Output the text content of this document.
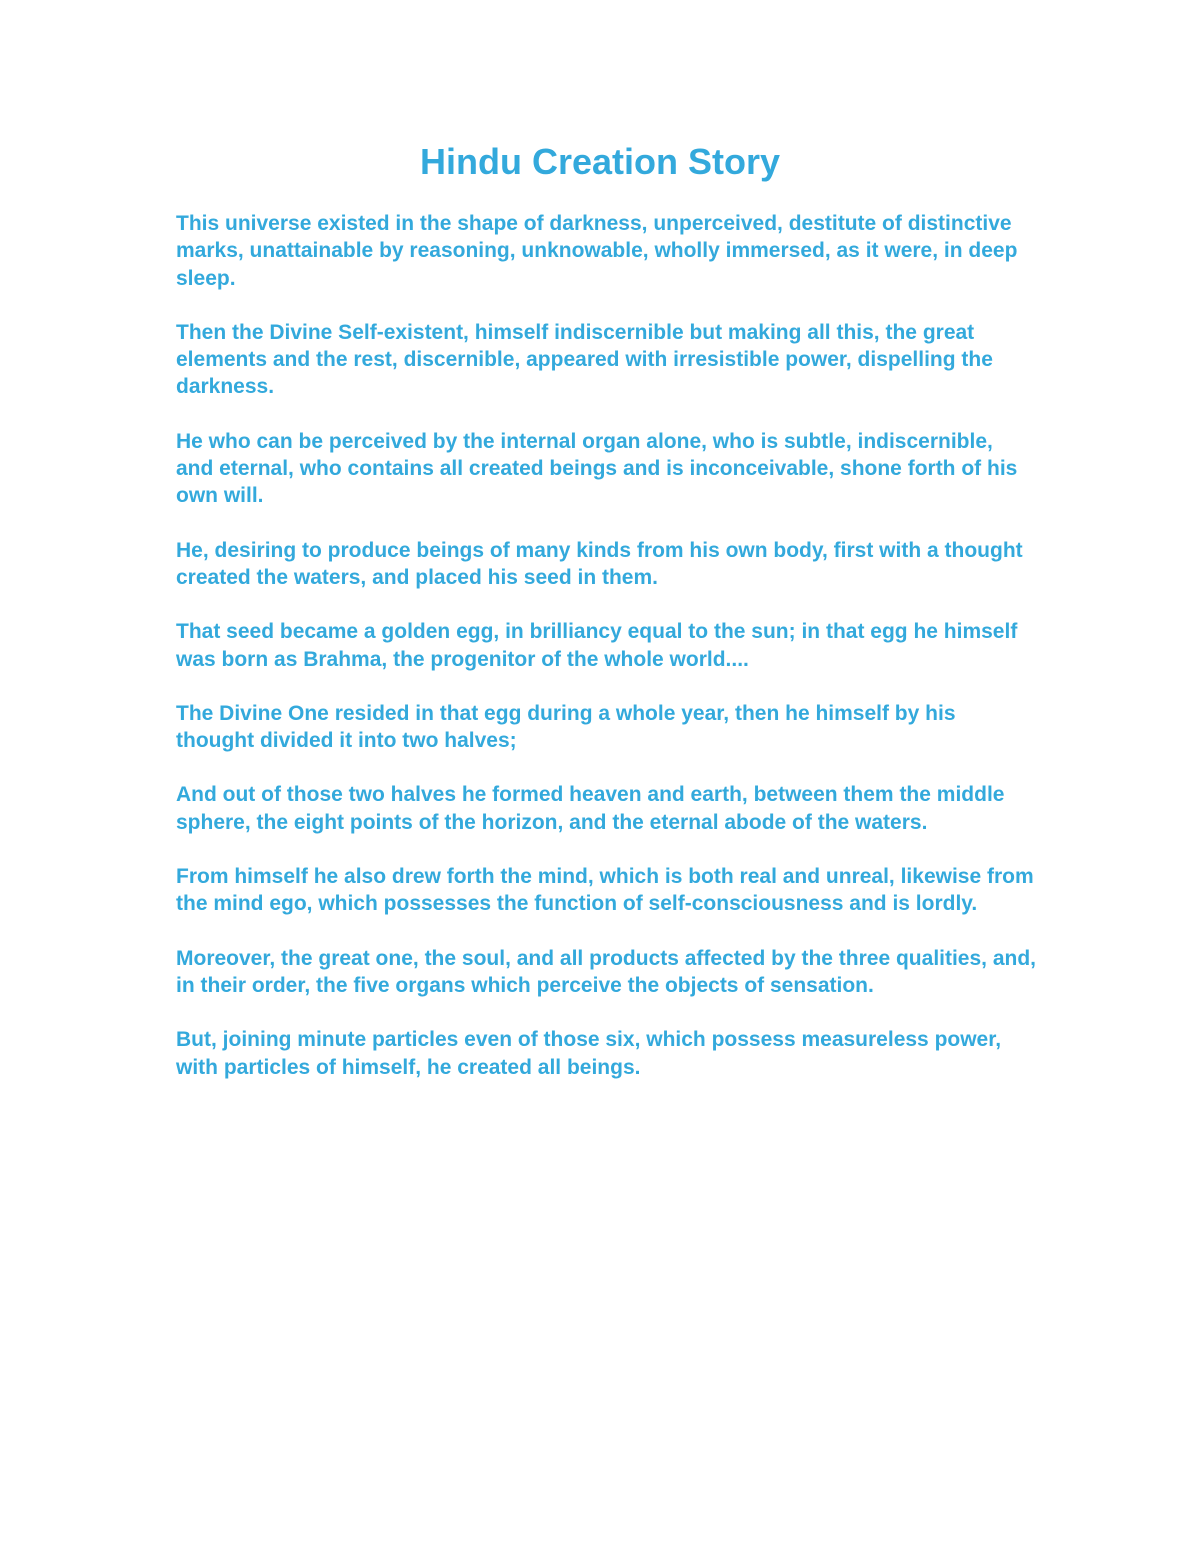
Hindu Creation Story

This universe existed in the shape of darkness, unperceived, destitute of distinctive marks, unattainable by reasoning, unknowable, wholly immersed, as it were, in deep sleep.

Then the Divine Self-existent, himself indiscernible but making all this, the great elements and the rest, discernible, appeared with irresistible power, dispelling the darkness.

He who can be perceived by the internal organ alone, who is subtle, indiscernible, and eternal, who contains all created beings and is inconceivable, shone forth of his own will.

He, desiring to produce beings of many kinds from his own body, first with a thought created the waters, and placed his seed in them.

That seed became a golden egg, in brilliancy equal to the sun; in that egg he himself was born as Brahma, the progenitor of the whole world....

The Divine One resided in that egg during a whole year, then he himself by his thought divided it into two halves;

And out of those two halves he formed heaven and earth, between them the middle sphere, the eight points of the horizon, and the eternal abode of the waters.

From himself he also drew forth the mind, which is both real and unreal, likewise from the mind ego, which possesses the function of self-consciousness and is lordly.

Moreover, the great one, the soul, and all products affected by the three qualities, and, in their order, the five organs which perceive the objects of sensation.

But, joining minute particles even of those six, which possess measureless power, with particles of himself, he created all beings.
